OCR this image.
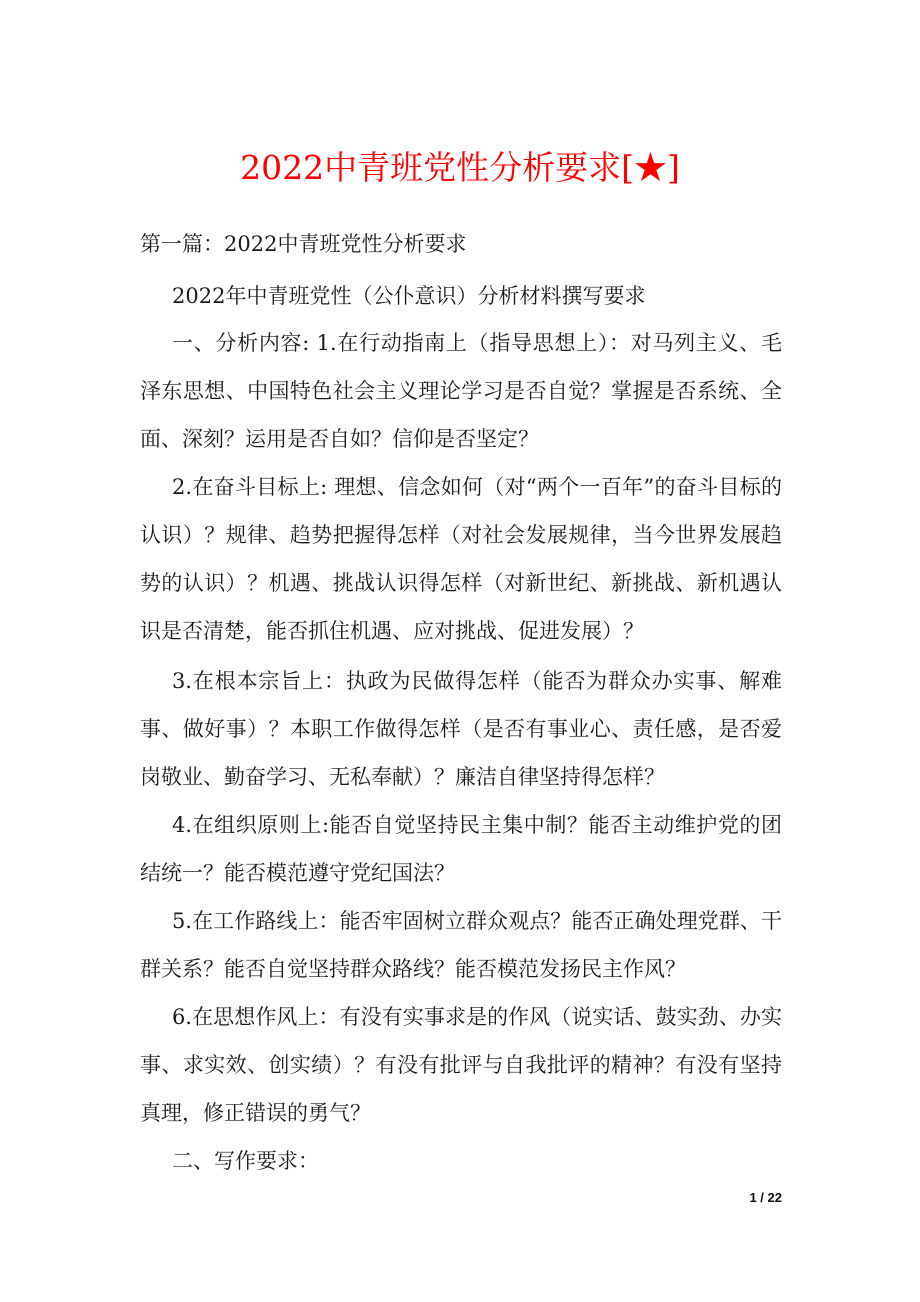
2022中青班党性分析要求[★]
第一篇：2022中青班党性分析要求
2022年中青班党性（公仆意识）分析材料撰写要求
一、分析内容: 1.在行动指南上（指导思想上）：对马列主义、毛泽东思想、中国特色社会主义理论学习是否自觉？掌握是否系统、全面、深刻？运用是否自如？信仰是否坚定？
2.在奋斗目标上: 理想、信念如何（对“两个一百年”的奋斗目标的认识）？规律、趋势把握得怎样（对社会发展规律，当今世界发展趋势的认识）？机遇、挑战认识得怎样（对新世纪、新挑战、新机遇认识是否清楚，能否抓住机遇、应对挑战、促进发展）？
3.在根本宗旨上：执政为民做得怎样（能否为群众办实事、解难事、做好事）？本职工作做得怎样（是否有事业心、责任感，是否爱岗敬业、勤奋学习、无私奉献）？廉洁自律坚持得怎样？
4.在组织原则上:能否自觉坚持民主集中制？能否主动维护党的团结统一？能否模范遵守党纪国法？
5.在工作路线上：能否牢固树立群众观点？能否正确处理党群、干群关系？能否自觉坚持群众路线？能否模范发扬民主作风？
6.在思想作风上：有没有实事求是的作风（说实话、鼓实劲、办实事、求实效、创实绩）？有没有批评与自我批评的精神？有没有坚持真理，修正错误的勇气？
二、写作要求：
1 / 22
